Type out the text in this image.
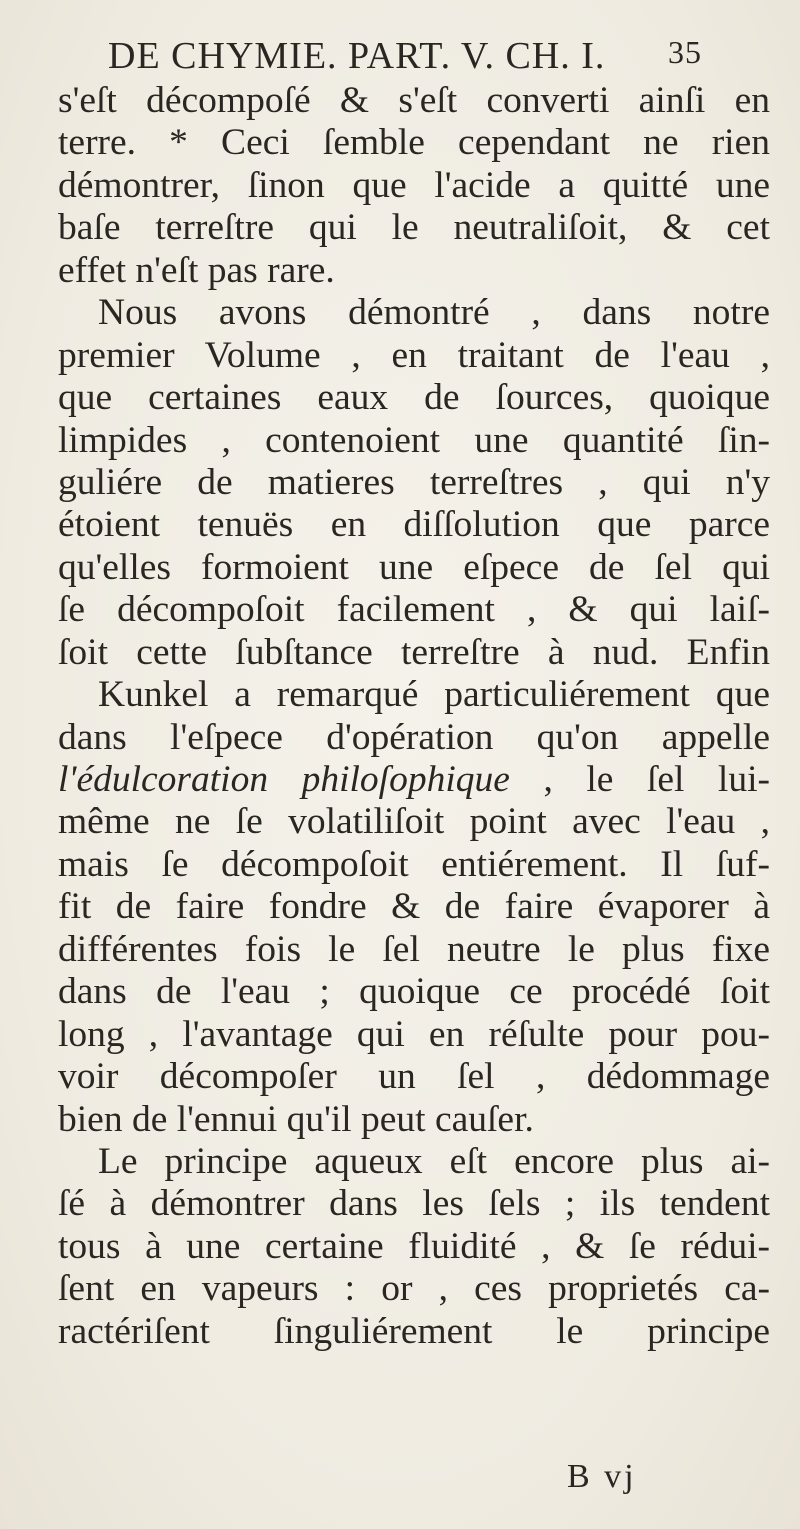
DE CHYMIE. PART. V. CH. I. 35
s'eſt décompoſé & s'eſt converti ainſi en
terre. * Ceci ſemble cependant ne rien
démontrer, ſinon que l'acide a quitté une
baſe terreſtre qui le neutraliſoit, & cet
effet n'eſt pas rare.
Nous avons démontré , dans notre
premier Volume , en traitant de l'eau ,
que certaines eaux de ſources, quoique
limpides , contenoient une quantité ſin-
guliére de matieres terreſtres , qui n'y
étoient tenuës en diſſolution que parce
qu'elles formoient une eſpece de ſel qui
ſe décompoſoit facilement , & qui laiſ-
ſoit cette ſubſtance terreſtre à nud. Enfin
Kunkel a remarqué particuliérement que
dans l'eſpece d'opération qu'on appelle
l'édulcoration philoſophique , le ſel lui-
même ne ſe volatiliſoit point avec l'eau ,
mais ſe décompoſoit entiérement. Il ſuf-
fit de faire fondre & de faire évaporer à
différentes fois le ſel neutre le plus fixe
dans de l'eau ; quoique ce procédé ſoit
long , l'avantage qui en réſulte pour pou-
voir décompoſer un ſel , dédommage
bien de l'ennui qu'il peut cauſer.
Le principe aqueux eſt encore plus ai-
ſé à démontrer dans les ſels ; ils tendent
tous à une certaine fluidité , & ſe rédui-
ſent en vapeurs : or , ces proprietés ca-
ractériſent ſinguliérement le principe
B vj
